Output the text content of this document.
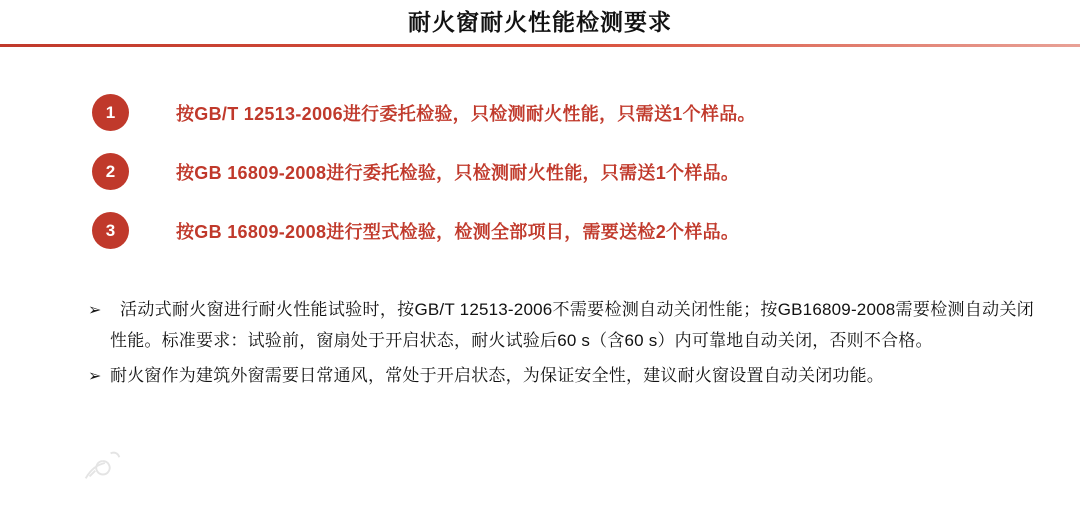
耐火窗耐火性能检测要求
1	按GB/T 12513-2006进行委托检验，只检测耐火性能，只需送1个样品。
2	按GB 16809-2008进行委托检验，只检测耐火性能，只需送1个样品。
3	按GB 16809-2008进行型式检验，检测全部项目，需要送检2个样品。
➢	活动式耐火窗进行耐火性能试验时，按GB/T 12513-2006不需要检测自动关闭性能；按GB16809-2008需要检测自动关闭性能。标准要求：试验前，窗扇处于开启状态，耐火试验后60 s（含60 s）内可靠地自动关闭，否则不合格。
➢ 耐火窗作为建筑外窗需要日常通风，常处于开启状态，为保证安全性，建议耐火窗设置自动关闭功能。
